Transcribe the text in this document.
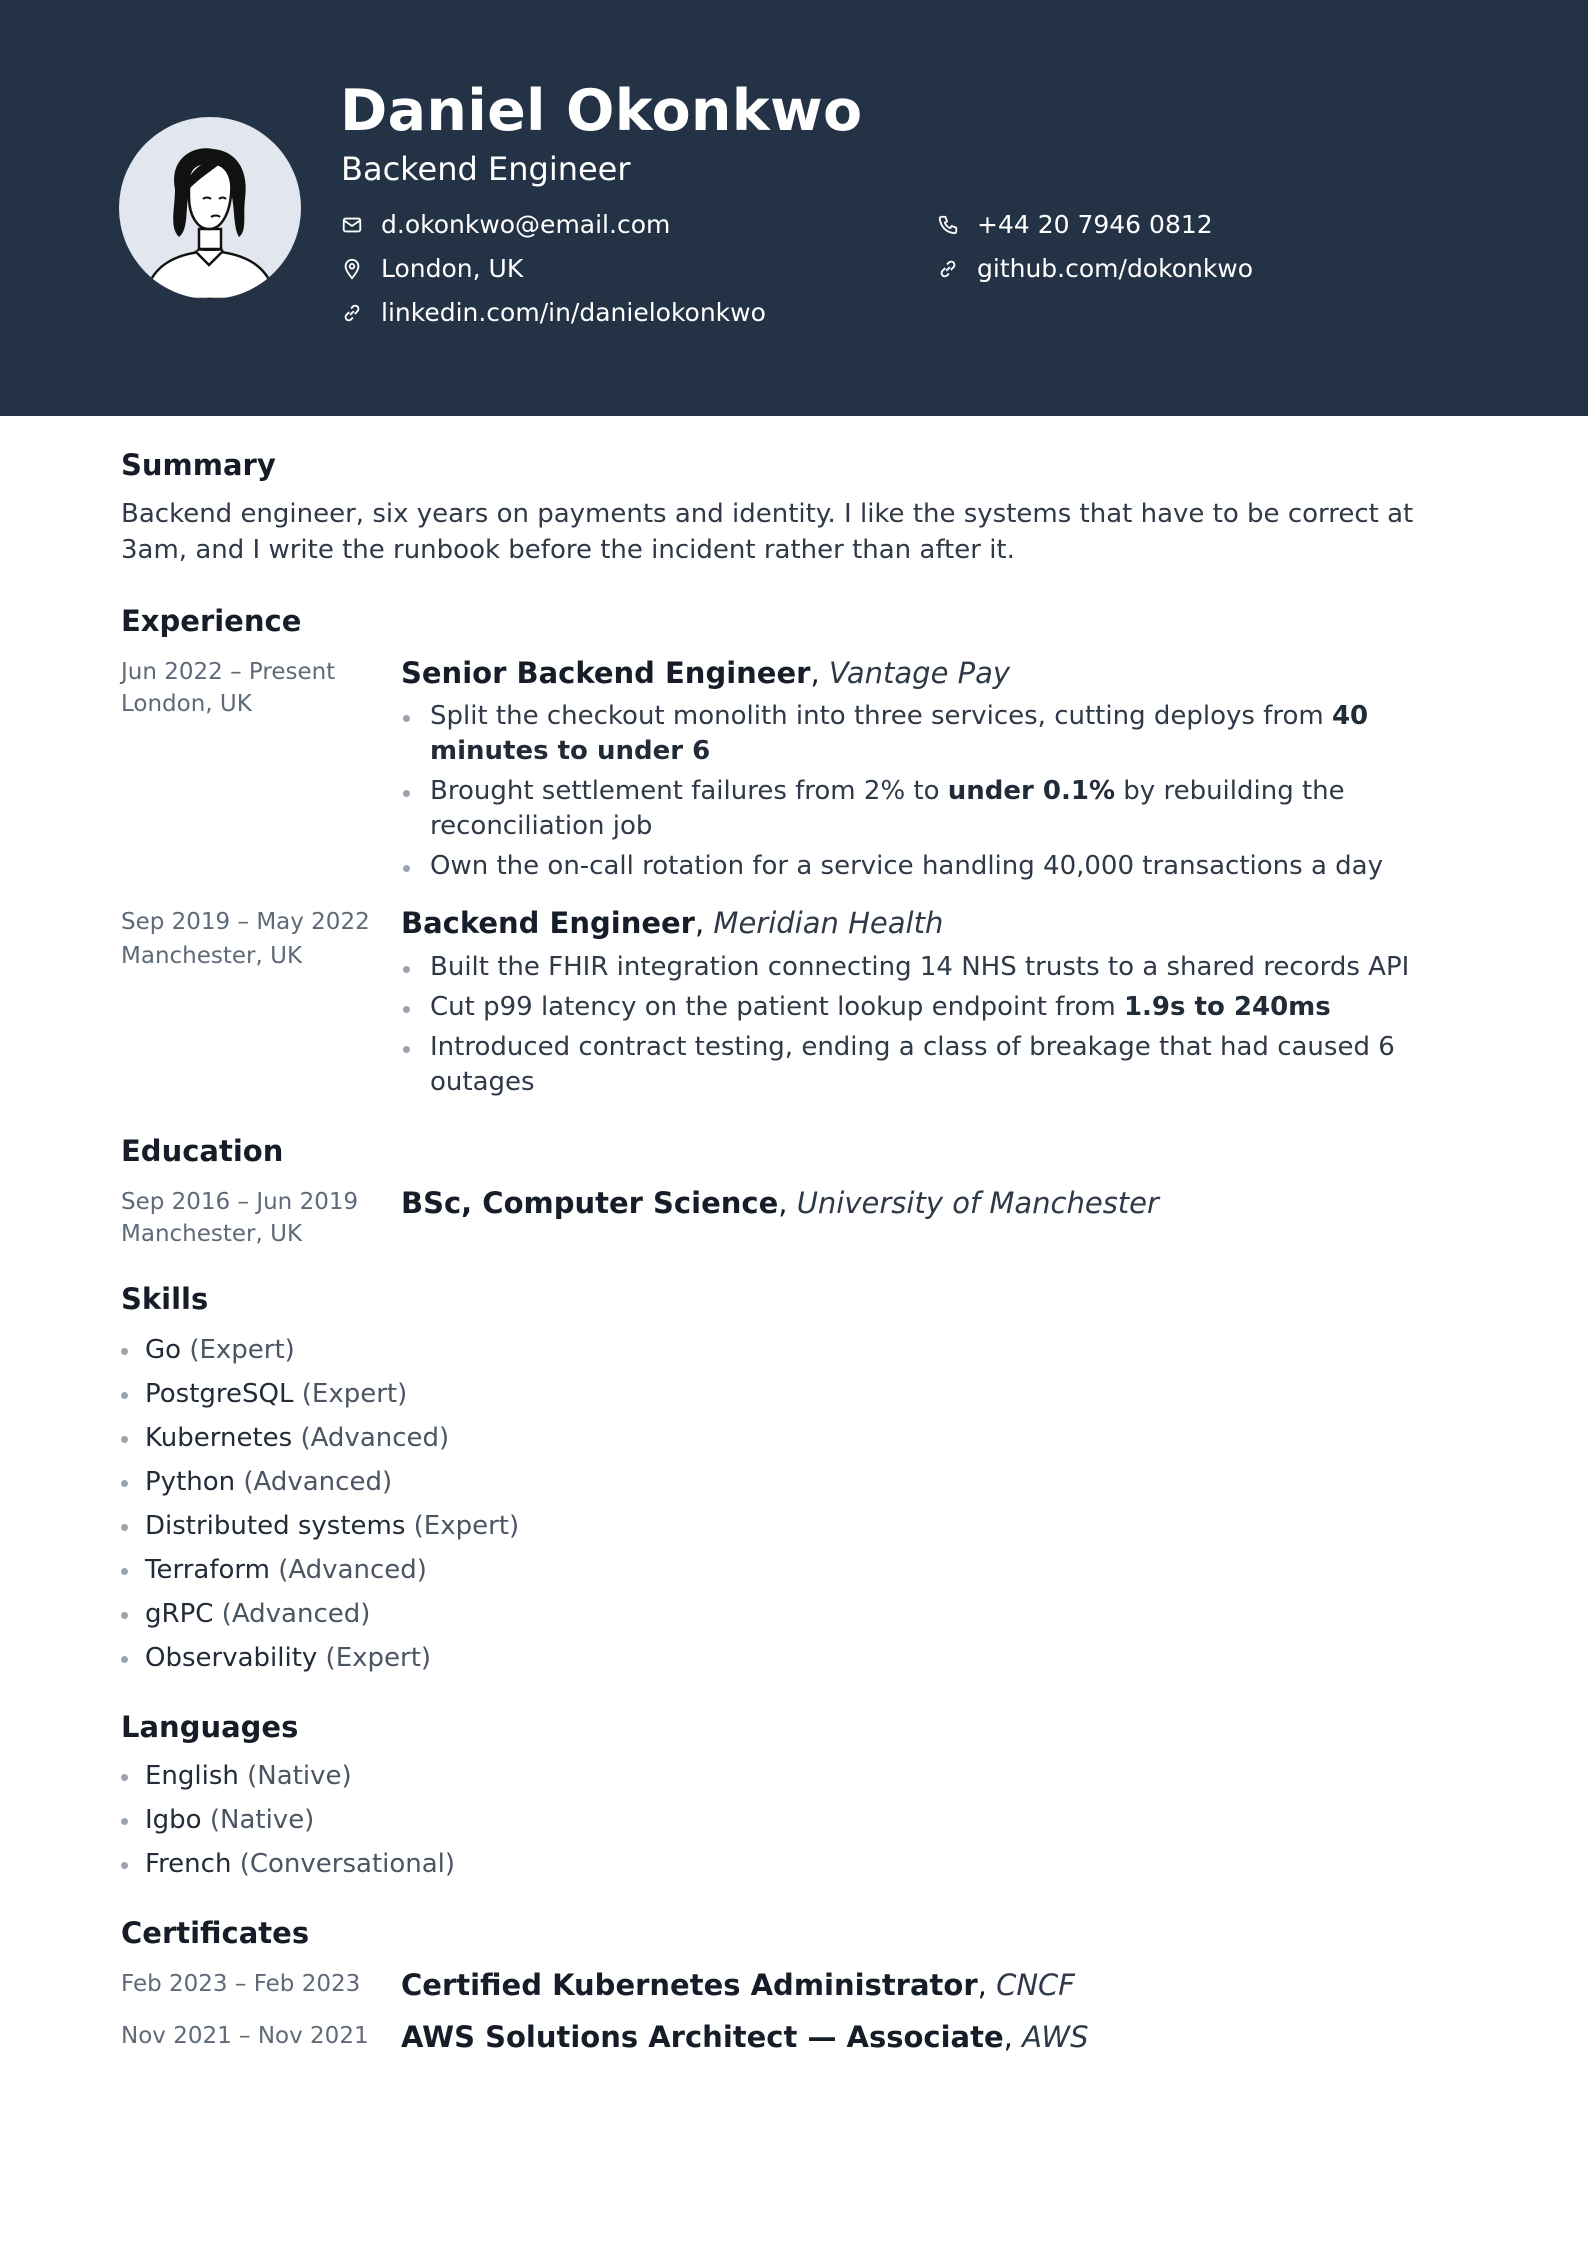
Daniel Okonkwo
Backend Engineer
d.okonkwo@email.com
London, UK
linkedin.com/in/danielokonkwo
+44 20 7946 0812
github.com/dokonkwo
Summary
Backend engineer, six years on payments and identity. I like the systems that have to be correct at 3am, and I write the runbook before the incident rather than after it.
Experience
Jun 2022 – Present
London, UK
Senior Backend Engineer, Vantage Pay
Split the checkout monolith into three services, cutting deploys from 40 minutes to under 6
Brought settlement failures from 2% to under 0.1% by rebuilding the reconciliation job
Own the on-call rotation for a service handling 40,000 transactions a day
Sep 2019 – May 2022
Manchester, UK
Backend Engineer, Meridian Health
Built the FHIR integration connecting 14 NHS trusts to a shared records API
Cut p99 latency on the patient lookup endpoint from 1.9s to 240ms
Introduced contract testing, ending a class of breakage that had caused 6 outages
Education
Sep 2016 – Jun 2019
Manchester, UK
BSc, Computer Science, University of Manchester
Skills
Go (Expert)
PostgreSQL (Expert)
Kubernetes (Advanced)
Python (Advanced)
Distributed systems (Expert)
Terraform (Advanced)
gRPC (Advanced)
Observability (Expert)
Languages
English (Native)
Igbo (Native)
French (Conversational)
Certificates
Feb 2023 – Feb 2023 Certified Kubernetes Administrator, CNCF
Nov 2021 – Nov 2021 AWS Solutions Architect — Associate, AWS
